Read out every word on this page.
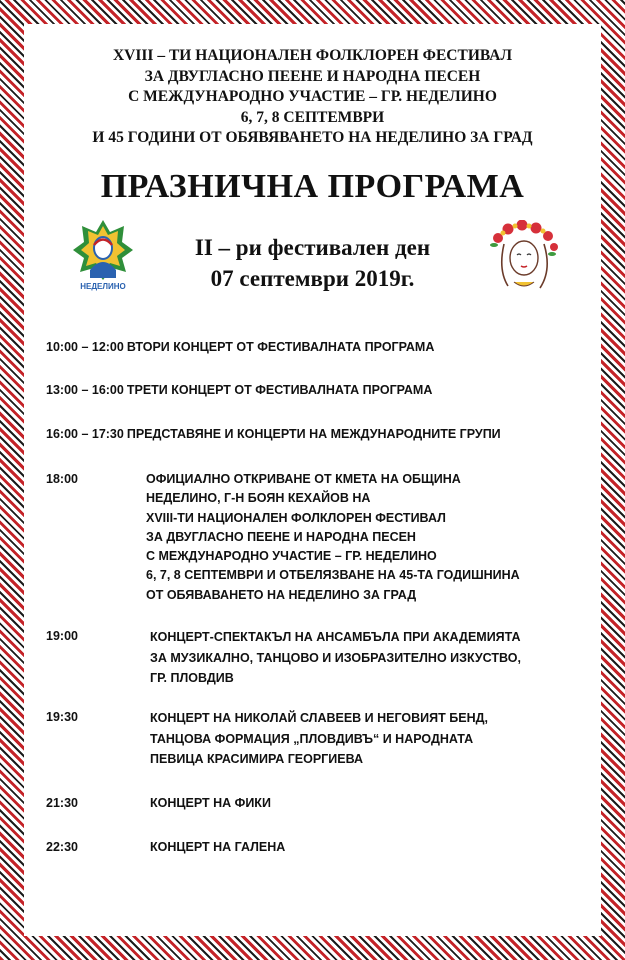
XVIII – ТИ НАЦИОНАЛЕН ФОЛКЛОРЕН ФЕСТИВАЛ
ЗА ДВУГЛАСНО ПЕЕНЕ И НАРОДНА ПЕСЕН
С МЕЖДУНАРОДНО УЧАСТИЕ – ГР. НЕДЕЛИНО
6, 7, 8 СЕПТЕМВРИ
И 45 ГОДИНИ ОТ ОБЯВЯВАНЕТО НА НЕДЕЛИНО ЗА ГРАД
ПРАЗНИЧНА ПРОГРАМА
НЕДЕЛИНО
II – ри фестивален ден
07 септември 2019г.
10:00 – 12:00 ВТОРИ КОНЦЕРТ ОТ ФЕСТИВАЛНАТА ПРОГРАМА
13:00 – 16:00 ТРЕТИ КОНЦЕРТ ОТ ФЕСТИВАЛНАТА ПРОГРАМА
16:00 – 17:30 ПРЕДСТАВЯНЕ И КОНЦЕРТИ НА МЕЖДУНАРОДНИТЕ ГРУПИ
18:00	ОФИЦИАЛНО ОТКРИВАНЕ ОТ КМЕТА НА ОБЩИНА
НЕДЕЛИНО, Г-Н БОЯН КЕХАЙОВ НА
XVIII-ТИ НАЦИОНАЛЕН ФОЛКЛОРЕН ФЕСТИВАЛ
ЗА ДВУГЛАСНО ПЕЕНЕ И НАРОДНА ПЕСЕН
С МЕЖДУНАРОДНО УЧАСТИЕ – ГР. НЕДЕЛИНО
6, 7, 8 СЕПТЕМВРИ И ОТБЕЛЯЗВАНЕ НА 45-ТА ГОДИШНИНА
ОТ ОБЯВАВАНЕТО НА НЕДЕЛИНО ЗА ГРАД
19:00	КОНЦЕРТ-СПЕКТАКЪЛ НА АНСАМБЪЛА ПРИ АКАДЕМИЯТА
ЗА МУЗИКАЛНО, ТАНЦОВО И ИЗОБРАЗИТЕЛНО ИЗКУСТВО,
ГР. ПЛОВДИВ
19:30	КОНЦЕРТ НА НИКОЛАЙ СЛАВЕЕВ И НЕГОВИЯТ БЕНД,
ТАНЦОВА ФОРМАЦИЯ „ПЛОВДИВЪ“ И НАРОДНАТА
ПЕВИЦА КРАСИМИРА ГЕОРГИЕВА
21:30	КОНЦЕРТ НА ФИКИ
22:30	КОНЦЕРТ НА ГАЛЕНА
